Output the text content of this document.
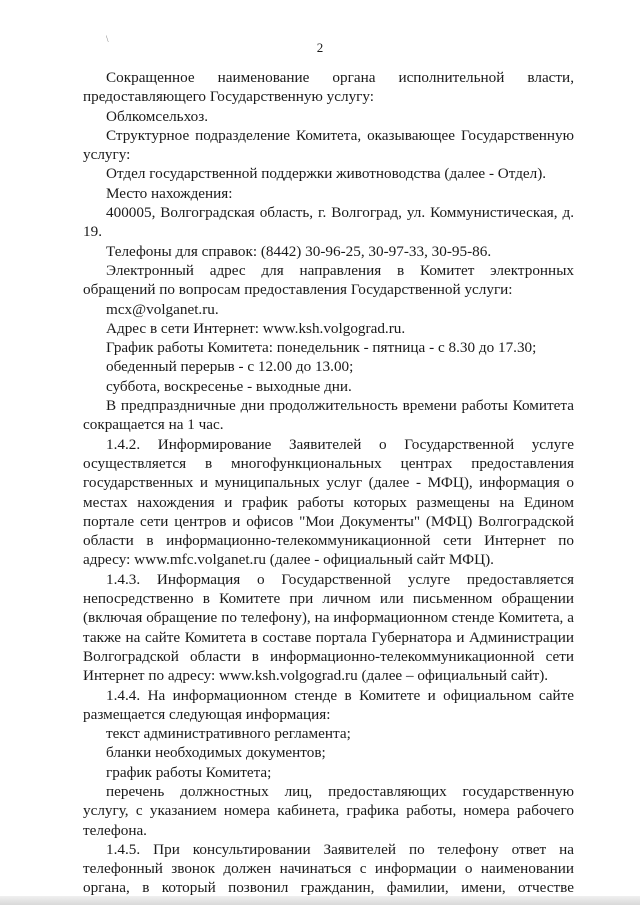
\
2

Сокращенное наименование органа исполнительной власти, предоставляющего Государственную услугу:

Облкомсельхоз.

Структурное подразделение Комитета, оказывающее Государственную услугу:

Отдел государственной поддержки животноводства (далее - Отдел).

Место нахождения:

400005, Волгоградская область, г. Волгоград, ул. Коммунистическая, д. 19.

Телефоны для справок: (8442) 30-96-25, 30-97-33, 30-95-86.

Электронный адрес для направления в Комитет электронных обращений по вопросам предоставления Государственной услуги:

mcx@volganet.ru.

Адрес в сети Интернет: www.ksh.volgograd.ru.

График работы Комитета: понедельник - пятница - с 8.30 до 17.30;

обеденный перерыв - с 12.00 до 13.00;

суббота, воскресенье - выходные дни.

В предпраздничные дни продолжительность времени работы Комитета сокращается на 1 час.

1.4.2. Информирование Заявителей о Государственной услуге осуществляется в многофункциональных центрах предоставления государственных и муниципальных услуг (далее - МФЦ), информация о местах нахождения и график работы которых размещены на Едином портале сети центров и офисов "Мои Документы" (МФЦ) Волгоградской области в информационно-телекоммуникационной сети Интернет по адресу: www.mfc.volganet.ru (далее - официальный сайт МФЦ).

1.4.3. Информация о Государственной услуге предоставляется непосредственно в Комитете при личном или письменном обращении (включая обращение по телефону), на информационном стенде Комитета, а также на сайте Комитета в составе портала Губернатора и Администрации Волгоградской области в информационно-телекоммуникационной сети Интернет по адресу: www.ksh.volgograd.ru (далее – официальный сайт).

1.4.4. На информационном стенде в Комитете и официальном сайте размещается следующая информация:

текст административного регламента;

бланки необходимых документов;

график работы Комитета;

перечень должностных лиц, предоставляющих государственную услугу, с указанием номера кабинета, графика работы, номера рабочего телефона.

1.4.5. При консультировании Заявителей по телефону ответ на телефонный звонок должен начинаться с информации о наименовании органа, в который позвонил гражданин, фамилии, имени, отчестве
